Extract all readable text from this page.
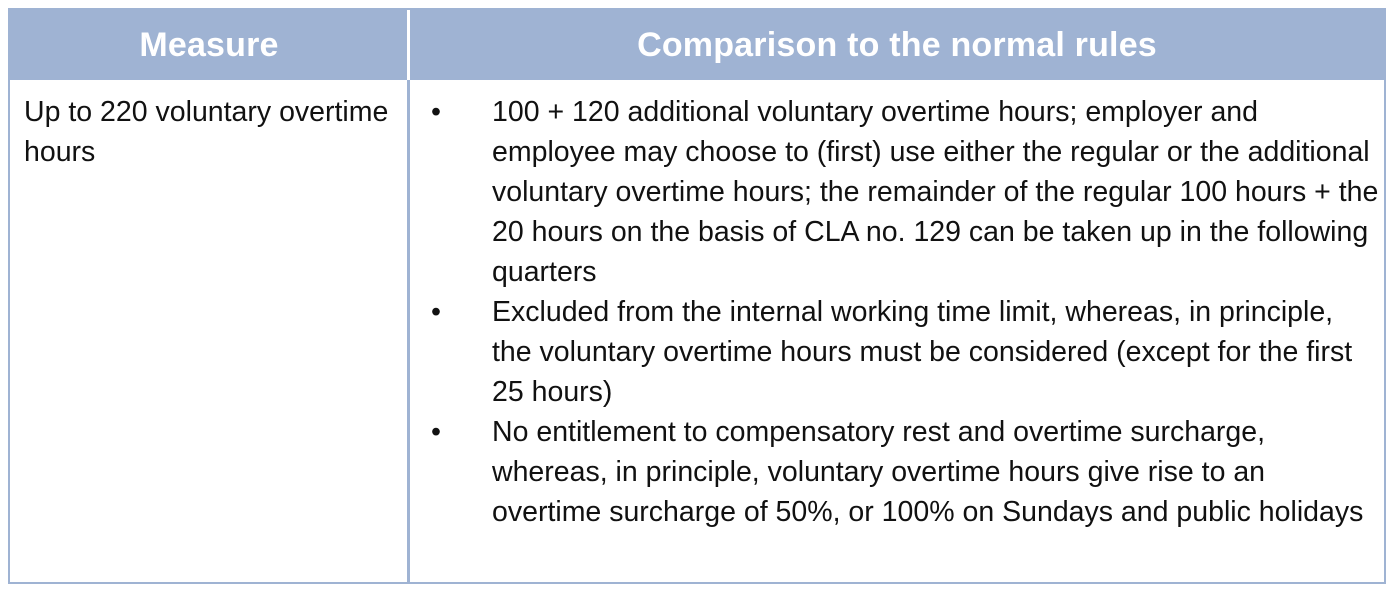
Measure	Comparison to the normal rules
Up to 220 voluntary overtime hours
• 100 + 120 additional voluntary overtime hours; employer and employee may choose to (first) use either the regular or the additional voluntary overtime hours; the remainder of the regular 100 hours + the 20 hours on the basis of CLA no. 129 can be taken up in the following quarters
• Excluded from the internal working time limit, whereas, in principle, the voluntary overtime hours must be considered (except for the first 25 hours)
• No entitlement to compensatory rest and overtime surcharge, whereas, in principle, voluntary overtime hours give rise to an overtime surcharge of 50%, or 100% on Sundays and public holidays
